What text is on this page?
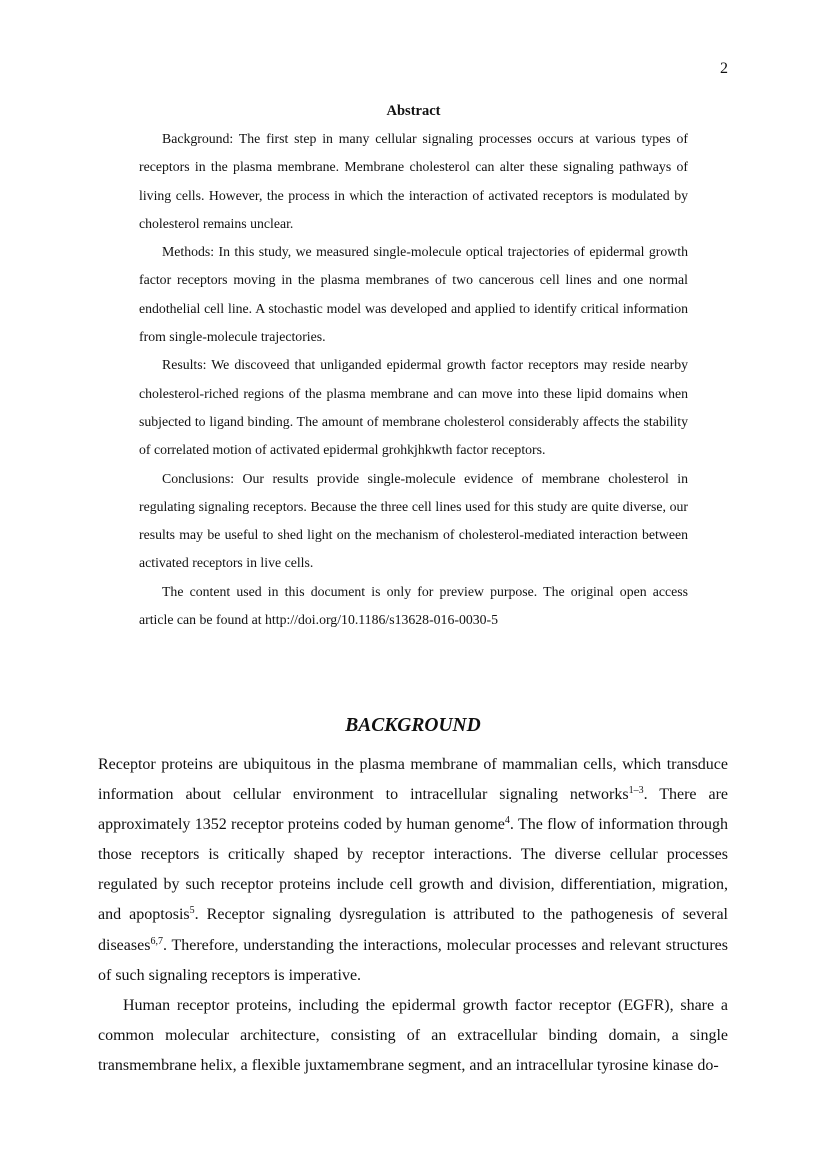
2
Abstract

Background: The first step in many cellular signaling processes occurs at various types of receptors in the plasma membrane. Membrane cholesterol can alter these signaling pathways of living cells. However, the process in which the interaction of activated receptors is modulated by cholesterol remains unclear.

Methods: In this study, we measured single-molecule optical trajectories of epidermal growth factor receptors moving in the plasma membranes of two cancerous cell lines and one normal endothelial cell line. A stochastic model was developed and applied to identify critical information from single-molecule trajectories.

Results: We discoveed that unliganded epidermal growth factor receptors may reside nearby cholesterol-riched regions of the plasma membrane and can move into these lipid domains when subjected to ligand binding. The amount of membrane cholesterol considerably affects the stability of correlated motion of activated epidermal grohkjhkwth factor receptors.

Conclusions: Our results provide single-molecule evidence of membrane cholesterol in regulating signaling receptors. Because the three cell lines used for this study are quite diverse, our results may be useful to shed light on the mechanism of cholesterol-mediated interaction between activated receptors in live cells.

The content used in this document is only for preview purpose. The original open access article can be found at http://doi.org/10.1186/s13628-016-0030-5

BACKGROUND

Receptor proteins are ubiquitous in the plasma membrane of mammalian cells, which transduce information about cellular environment to intracellular signaling networks$^{1-3}$. There are approximately 1352 receptor proteins coded by human genome$^4$. The flow of information through those receptors is critically shaped by receptor interactions. The diverse cellular processes regulated by such receptor proteins include cell growth and division, differentiation, migration, and apoptosis$^5$. Receptor signaling dysregulation is attributed to the pathogenesis of several diseases$^{6,7}$. Therefore, understanding the interactions, molecular processes and relevant structures of such signaling receptors is imperative.

Human receptor proteins, including the epidermal growth factor receptor (EGFR), share a common molecular architecture, consisting of an extracellular binding domain, a single transmembrane helix, a flexible juxtamembrane segment, and an intracellular tyrosine kinase do-
